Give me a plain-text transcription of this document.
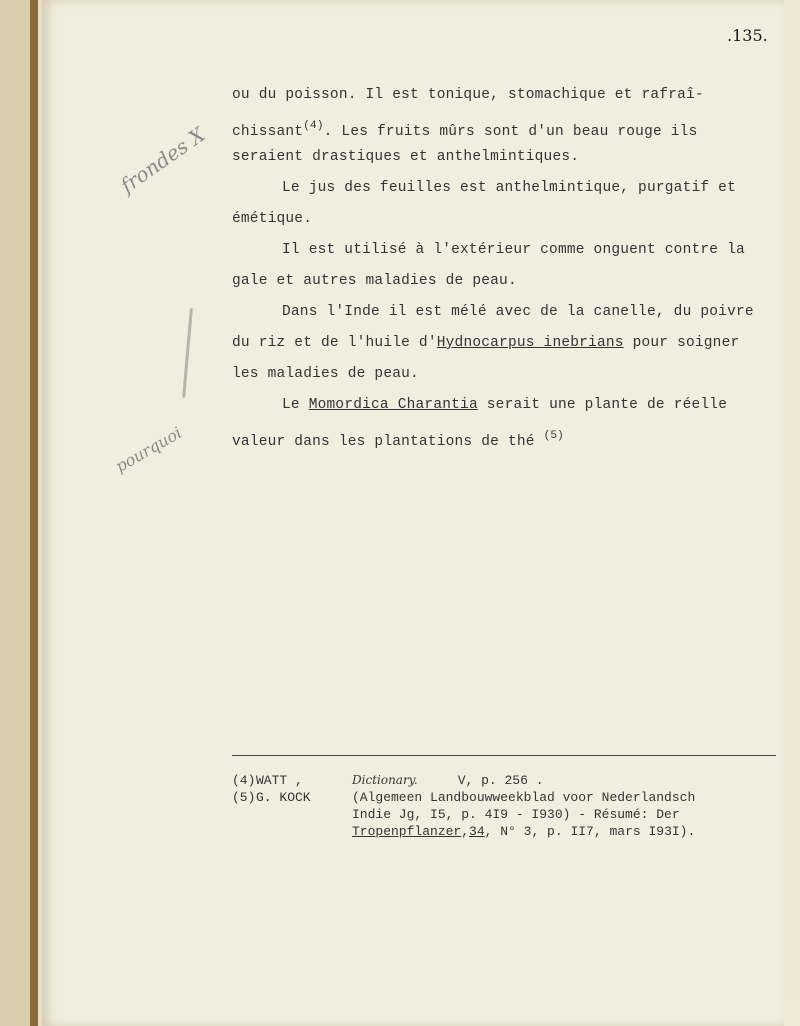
.135.
frondes X
pourquoi
ou du poisson. Il est tonique, stomachique et rafraî-
chissant$^{(4)}$. Les fruits mûrs sont d'un beau rouge ils
seraient drastiques et anthelmintiques.
Le jus des feuilles est anthelmintique, purgatif et
émétique.
Il est utilisé à l'extérieur comme onguent contre la
gale et autres maladies de peau.
Dans l'Inde il est mélé avec de la canelle, du poivre
du riz et de l'huile d'Hydnocarpus inebrians pour soigner
les maladies de peau.
Le Momordica Charantia serait une plante de réelle
valeur dans les plantations de thé $^{(5)}$
(4)WATT ,	Dictionary.	V, p. 256 .
(5)G. KOCK	(Algemeen Landbouwweekblad voor Nederlandsch
Indie Jg, I5, p. 4I9 - I930) - Résumé: Der
Tropenpflanzer,34, N° 3, p. II7, mars I93I).
